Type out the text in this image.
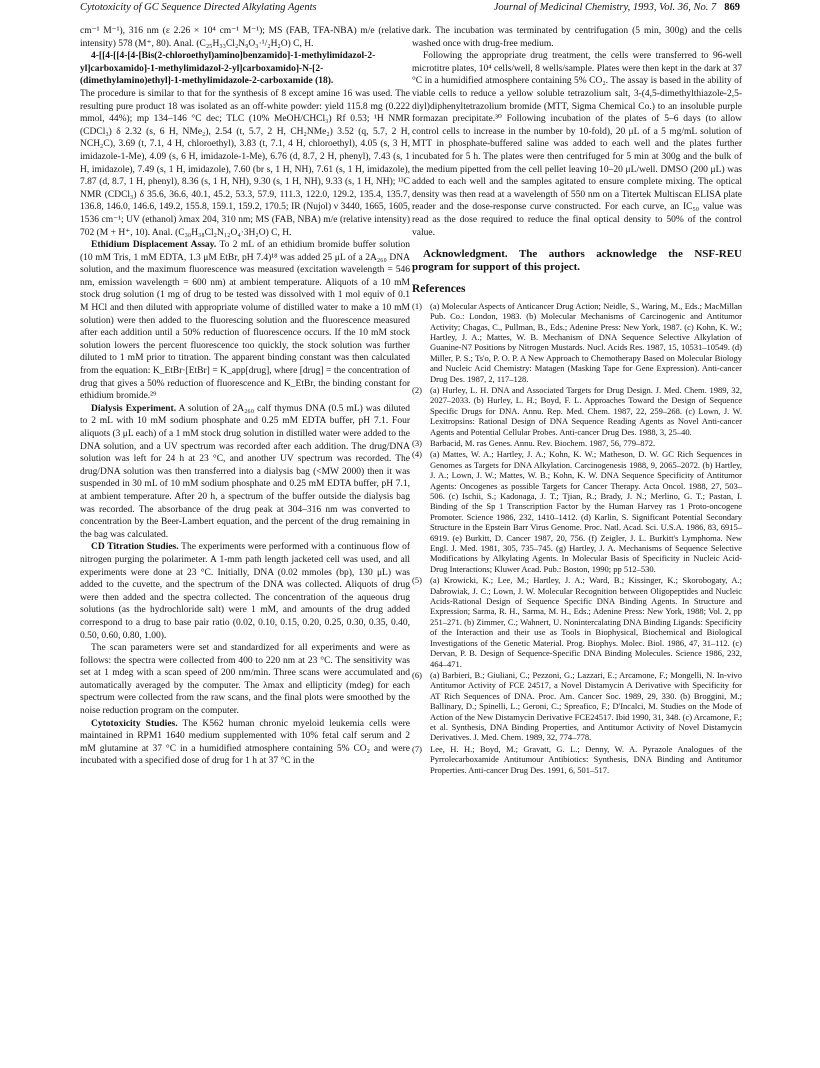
Cytotoxicity of GC Sequence Directed Alkylating Agents	Journal of Medicinal Chemistry, 1993, Vol. 36, No. 7 869

cm⁻¹ M⁻¹), 316 nm (ε 2.26 × 10⁴ cm⁻¹ M⁻¹); MS (FAB, TFA-NBA) m/e (relative intensity) 578 (M⁺, 80). Anal. (C₂₅H₃₃Cl₂N₉O₃·¹/₂H₂O) C, H.

4-[[4-[[4-[4-[Bis(2-chloroethyl)amino]benzamido]-1-methylimidazol-2-yl]carboxamido]-1-methylimidazol-2-yl]carboxamido]-N-[2-(dimethylamino)ethyl]-1-methylimidazole-2-carboxamide (18).

The procedure is similar to that for the synthesis of 8 except amine 16 was used. The resulting pure product 18 was isolated as an off-white powder: yield 115.8 mg (0.222 mmol, 44%); mp 134–146 °C dec; TLC (10% MeOH/CHCl₃) Rf 0.53; ¹H NMR (CDCl₃) δ 2.32 (s, 6 H, NMe₂), 2.54 (t, 5.7, 2 H, CH₂NMe₂) 3.52 (q, 5.7, 2 H, NCH₂C), 3.69 (t, 7.1, 4 H, chloroethyl), 3.83 (t, 7.1, 4 H, chloroethyl), 4.05 (s, 3 H, imidazole-1-Me), 4.09 (s, 6 H, imidazole-1-Me), 6.76 (d, 8.7, 2 H, phenyl), 7.43 (s, 1 H, imidazole), 7.49 (s, 1 H, imidazole), 7.60 (br s, 1 H, NH), 7.61 (s, 1 H, imidazole), 7.87 (d, 8.7, 1 H, phenyl), 8.36 (s, 1 H, NH), 9.30 (s, 1 H, NH), 9.33 (s, 1 H, NH); ¹³C NMR (CDCl₃) δ 35.6, 36.6, 40.1, 45.2, 53.3, 57.9, 111.3, 122.0, 129.2, 135.4, 135.7, 136.8, 146.0, 146.6, 149.2, 155.8, 159.1, 159.2, 170.5; IR (Nujol) ν 3440, 1665, 1605, 1536 cm⁻¹; UV (ethanol) λmax 204, 310 nm; MS (FAB, NBA) m/e (relative intensity) 702 (M + H⁺, 10). Anal. (C₃₀H₃₈Cl₂N₁₂O₄·3H₂O) C, H.

Ethidium Displacement Assay. To 2 mL of an ethidium bromide buffer solution (10 mM Tris, 1 mM EDTA, 1.3 μM EtBr, pH 7.4)¹⁸ was added 25 μL of a 2A₂₆₀ DNA solution, and the maximum fluorescence was measured (excitation wavelength = 546 nm, emission wavelength = 600 nm) at ambient temperature. Aliquots of a 10 mM stock drug solution (1 mg of drug to be tested was dissolved with 1 mol equiv of 0.1 M HCl and then diluted with appropriate volume of distilled water to make a 10 mM solution) were then added to the fluorescing solution and the fluorescence measured after each addition until a 50% reduction of fluorescence occurs. If the 10 mM stock solution lowers the percent fluorescence too quickly, the stock solution was further diluted to 1 mM prior to titration. The apparent binding constant was then calculated from the equation: K_EtBr·[EtBr] = K_app[drug], where [drug] = the concentration of drug that gives a 50% reduction of fluorescence and K_EtBr, the binding constant for ethidium bromide.²⁹

Dialysis Experiment. A solution of 2A₂₆₀ calf thymus DNA (0.5 mL) was diluted to 2 mL with 10 mM sodium phosphate and 0.25 mM EDTA buffer, pH 7.1. Four aliquots (3 μL each) of a 1 mM stock drug solution in distilled water were added to the DNA solution, and a UV spectrum was recorded after each addition. The drug/DNA solution was left for 24 h at 23 °C, and another UV spectrum was recorded. The drug/DNA solution was then transferred into a dialysis bag (<MW 2000) then it was suspended in 30 mL of 10 mM sodium phosphate and 0.25 mM EDTA buffer, pH 7.1, at ambient temperature. After 20 h, a spectrum of the buffer outside the dialysis bag was recorded. The absorbance of the drug peak at 304–316 nm was converted to concentration by the Beer-Lambert equation, and the percent of the drug remaining in the bag was calculated.

CD Titration Studies. The experiments were performed with a continuous flow of nitrogen purging the polarimeter. A 1-mm path length jacketed cell was used, and all experiments were done at 23 °C. Initially, DNA (0.02 mmoles (bp), 130 μL) was added to the cuvette, and the spectrum of the DNA was collected. Aliquots of drug were then added and the spectra collected. The concentration of the aqueous drug solutions (as the hydrochloride salt) were 1 mM, and amounts of the drug added correspond to a drug to base pair ratio (0.02, 0.10, 0.15, 0.20, 0.25, 0.30, 0.35, 0.40, 0.50, 0.60, 0.80, 1.00).

The scan parameters were set and standardized for all experiments and were as follows: the spectra were collected from 400 to 220 nm at 23 °C. The sensitivity was set at 1 mdeg with a scan speed of 200 nm/min. Three scans were accumulated and automatically averaged by the computer. The λmax and ellipticity (mdeg) for each spectrum were collected from the raw scans, and the final plots were smoothed by the noise reduction program on the computer.

Cytotoxicity Studies. The K562 human chronic myeloid leukemia cells were maintained in RPM1 1640 medium supplemented with 10% fetal calf serum and 2 mM glutamine at 37 °C in a humidified atmosphere containing 5% CO₂ and were incubated with a specified dose of drug for 1 h at 37 °C in the

dark. The incubation was terminated by centrifugation (5 min, 300g) and the cells washed once with drug-free medium.

Following the appropriate drug treatment, the cells were transferred to 96-well microtitre plates, 10⁴ cells/well, 8 wells/sample. Plates were then kept in the dark at 37 °C in a humidified atmosphere containing 5% CO₂. The assay is based in the ability of viable cells to reduce a yellow soluble tetrazolium salt, 3-(4,5-dimethylthiazole-2,5-diyl)diphenyltetrazolium bromide (MTT, Sigma Chemical Co.) to an insoluble purple formazan precipitate.³⁰ Following incubation of the plates of 5–6 days (to allow control cells to increase in the number by 10-fold), 20 μL of a 5 mg/mL solution of MTT in phosphate-buffered saline was added to each well and the plates further incubated for 5 h. The plates were then centrifuged for 5 min at 300g and the bulk of the medium pipetted from the cell pellet leaving 10–20 μL/well. DMSO (200 μL) was added to each well and the samples agitated to ensure complete mixing. The optical density was then read at a wavelength of 550 nm on a Titertek Multiscan ELISA plate reader and the dose-response curve constructed. For each curve, an IC₅₀ value was read as the dose required to reduce the final optical density to 50% of the control value.

Acknowledgment. The authors acknowledge the NSF-REU program for support of this project.

References
(1) (a) Molecular Aspects of Anticancer Drug Action; Neidle, S., Waring, M., Eds.; MacMillan Pub. Co.: London, 1983. (b) Molecular Mechanisms of Carcinogenic and Antitumor Activity; Chagas, C., Pullman, B., Eds.; Adenine Press: New York, 1987. (c) Kohn, K. W.; Hartley, J. A.; Mattes, W. B. Mechanism of DNA Sequence Selective Alkylation of Guanine-N7 Positions by Nitrogen Mustards. Nucl. Acids Res. 1987, 15, 10531–10549. (d) Miller, P. S.; Ts'o, P. O. P. A New Approach to Chemotherapy Based on Molecular Biology and Nucleic Acid Chemistry: Matagen (Masking Tape for Gene Expression). Anti-cancer Drug Des. 1987, 2, 117–128.
(2) (a) Hurley, L. H. DNA and Associated Targets for Drug Design. J. Med. Chem. 1989, 32, 2027–2033. (b) Hurley, L. H.; Boyd, F. L. Approaches Toward the Design of Sequence Specific Drugs for DNA. Annu. Rep. Med. Chem. 1987, 22, 259–268. (c) Lown, J. W. Lexitropsins: Rational Design of DNA Sequence Reading Agents as Novel Anti-cancer Agents and Potential Cellular Probes. Anti-cancer Drug Des. 1988, 3, 25–40.
(3) Barbacid, M. ras Genes. Annu. Rev. Biochem. 1987, 56, 779–872.
(4) (a) Mattes, W. A.; Hartley, J. A.; Kohn, K. W.; Matheson, D. W. GC Rich Sequences in Genomes as Targets for DNA Alkylation. Carcinogenesis 1988, 9, 2065–2072. (b) Hartley, J. A.; Lown, J. W.; Mattes, W. B.; Kohn, K. W. DNA Sequence Specificity of Antitumor Agents: Oncogenes as possible Targets for Cancer Therapy. Acta Oncol. 1988, 27, 503–506. (c) Ischii, S.; Kadonaga, J. T.; Tjian, R.; Brady, J. N.; Merlino, G. T.; Pastan, I. Binding of the Sp 1 Transcription Factor by the Human Harvey ras 1 Proto-oncogene Promoter. Science 1986, 232, 1410–1412. (d) Karlin, S. Significant Potential Secondary Structure in the Epstein Barr Virus Genome. Proc. Natl. Acad. Sci. U.S.A. 1986, 83, 6915–6919. (e) Burkitt, D. Cancer 1987, 20, 756. (f) Zeigler, J. L. Burkitt's Lymphoma. New Engl. J. Med. 1981, 305, 735–745. (g) Hartley, J. A. Mechanisms of Sequence Selective Modifications by Alkylating Agents. In Molecular Basis of Specificity in Nucleic Acid-Drug Interactions; Kluwer Acad. Pub.: Boston, 1990; pp 512–530.
(5) (a) Krowicki, K.; Lee, M.; Hartley, J. A.; Ward, B.; Kissinger, K.; Skorobogaty, A.; Dabrowiak, J. C.; Lown, J. W. Molecular Recognition between Oligopeptides and Nucleic Acids-Rational Design of Sequence Specific DNA Binding Agents. In Structure and Expression; Sarma, R. H., Sarma, M. H., Eds.; Adenine Press: New York, 1988; Vol. 2, pp 251–271. (b) Zimmer, C.; Wahnert, U. Nonintercalating DNA Binding Ligands: Specificity of the Interaction and their use as Tools in Biophysical, Biochemical and Biological Investigations of the Genetic Material. Prog. Biophys. Molec. Biol. 1986, 47, 31–112. (c) Dervan, P. B. Design of Sequence-Specific DNA Binding Molecules. Science 1986, 232, 464–471.
(6) (a) Barbieri, B.; Giuliani, C.; Pezzoni, G.; Lazzari, E.; Arcamone, F.; Mongelli, N. In-vivo Antitumor Activity of FCE 24517, a Novel Distamycin A Derivative with Specificity for AT Rich Sequences of DNA. Proc. Am. Cancer Soc. 1989, 29, 330. (b) Broggini, M.; Ballinary, D.; Spinelli, L.; Geroni, C.; Spreafico, F.; D'Incalci, M. Studies on the Mode of Action of the New Distamycin Derivative FCE24517. Ibid 1990, 31, 348. (c) Arcamone, F.; et al. Synthesis, DNA Binding Properties, and Antitumor Activity of Novel Distamycin Derivatives. J. Med. Chem. 1989, 32, 774–778.
(7) Lee, H. H.; Boyd, M.; Gravatt, G. L.; Denny, W. A. Pyrazole Analogues of the Pyrrolecarboxamide Antitumour Antibiotics: Synthesis, DNA Binding and Antitumor Properties. Anti-cancer Drug Des. 1991, 6, 501–517.
